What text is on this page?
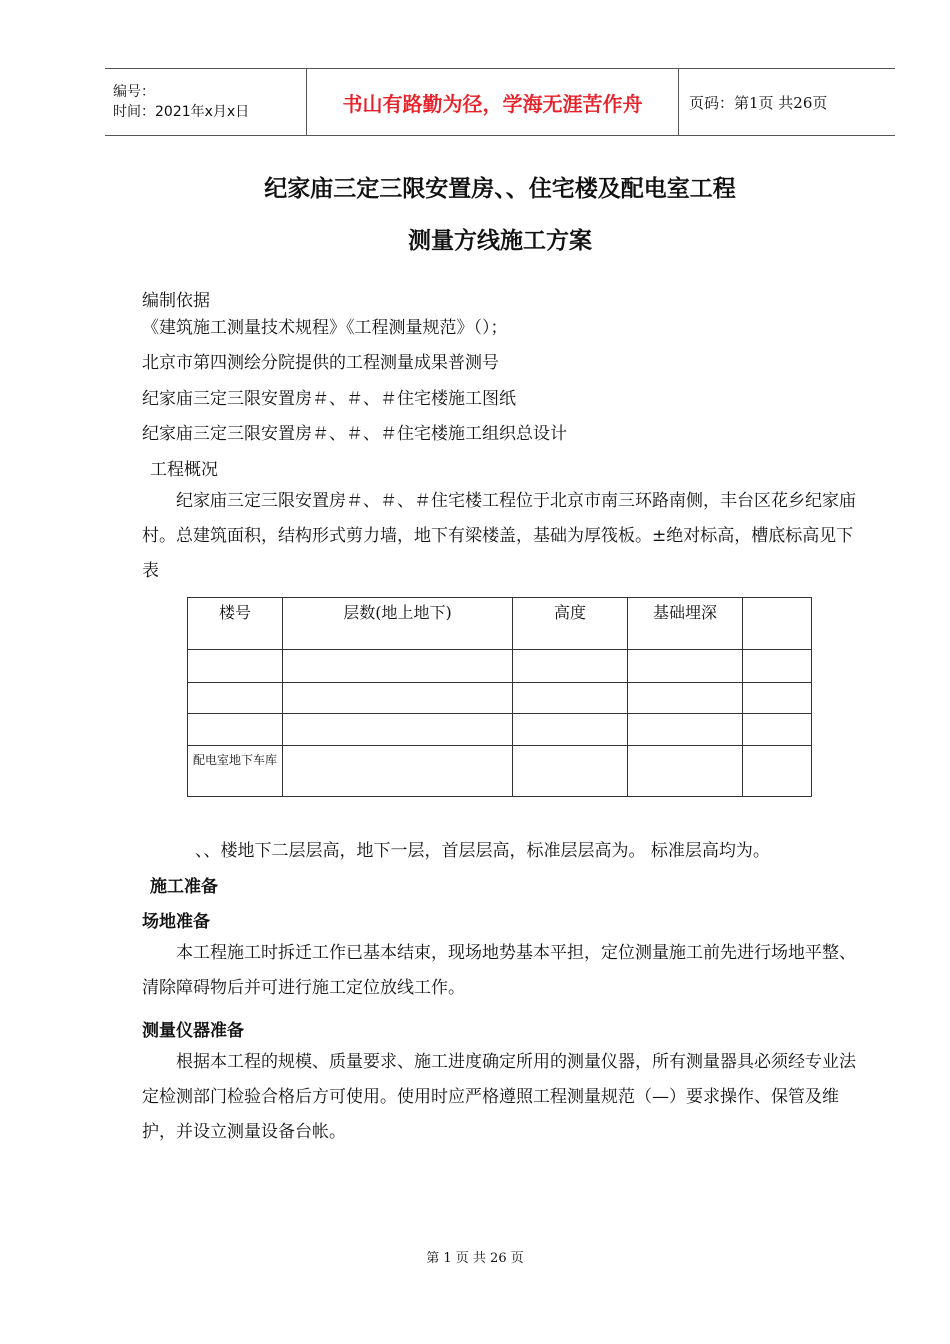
编号：
时间：2021年x月x日	书山有路勤为径，学海无涯苦作舟	页码：第1页 共26页
纪家庙三定三限安置房、、住宅楼及配电室工程
测量方线施工方案
编制依据
《建筑施工测量技术规程》《工程测量规范》（）；
北京市第四测绘分院提供的工程测量成果普测号
纪家庙三定三限安置房＃、＃、＃住宅楼施工图纸
纪家庙三定三限安置房＃、＃、＃住宅楼施工组织总设计
工程概况
纪家庙三定三限安置房＃、＃、＃住宅楼工程位于北京市南三环路南侧，丰台区花乡纪家庙村。总建筑面积，结构形式剪力墙，地下有梁楼盖，基础为厚筏板。±绝对标高，槽底标高见下表
楼号	层数(地上地下)	高度	基础埋深	

配电室地下车库				
、、楼地下二层层高，地下一层，首层层高，标准层层高为。 标准层高均为。
施工准备
场地准备
本工程施工时拆迁工作已基本结束，现场地势基本平担，定位测量施工前先进行场地平整、清除障碍物后并可进行施工定位放线工作。
测量仪器准备
根据本工程的规模、质量要求、施工进度确定所用的测量仪器，所有测量器具必须经专业法定检测部门检验合格后方可使用。使用时应严格遵照工程测量规范（—）要求操作、保管及维护，并设立测量设备台帐。
第 1 页 共 26 页
